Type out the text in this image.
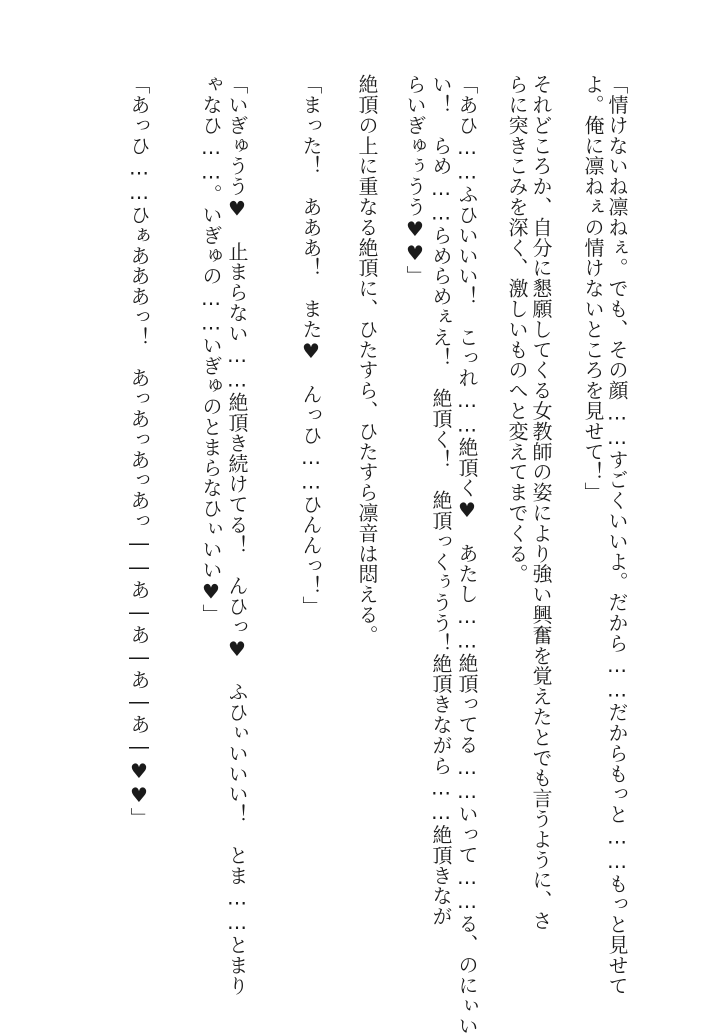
「情けないね凛ねぇ。でも、その顔……すごくいいよ。だから……だからもっと……もっと見せて
よ。俺に凛ねぇの情けないところを見せて！」
それどころか、自分に懇願してくる女教師の姿により強い興奮を覚えたとでも言うように、さ
らに突きこみを深く、激しいものへと変えてまでくる。
「あひ……ふひいいい！　こっれ……絶頂く♥　あたし……絶頂ってる……いって……る、のにぃい
い！　らめ……らめらめぇえ！　絶頂く！　絶頂っくぅうう！絶頂きながら……絶頂きなが
らいぎゅぅうう♥♥」
絶頂の上に重なる絶頂に、ひたすら、ひたすら凛音は悶える。
「まった！　あああ！　また♥　んっひ……ひんんっ！」
「いぎゅうう♥　止まらない……絶頂き続けてる！　んひっ♥　ふひぃいいい！　とま……とまり
ゃなひ……。いぎゅの……いぎゅのとまらなひぃいい♥」
「あっひ……ひぁあああっ！　あっあっあっあっ――あ―あ―あ―あ―♥♥」
